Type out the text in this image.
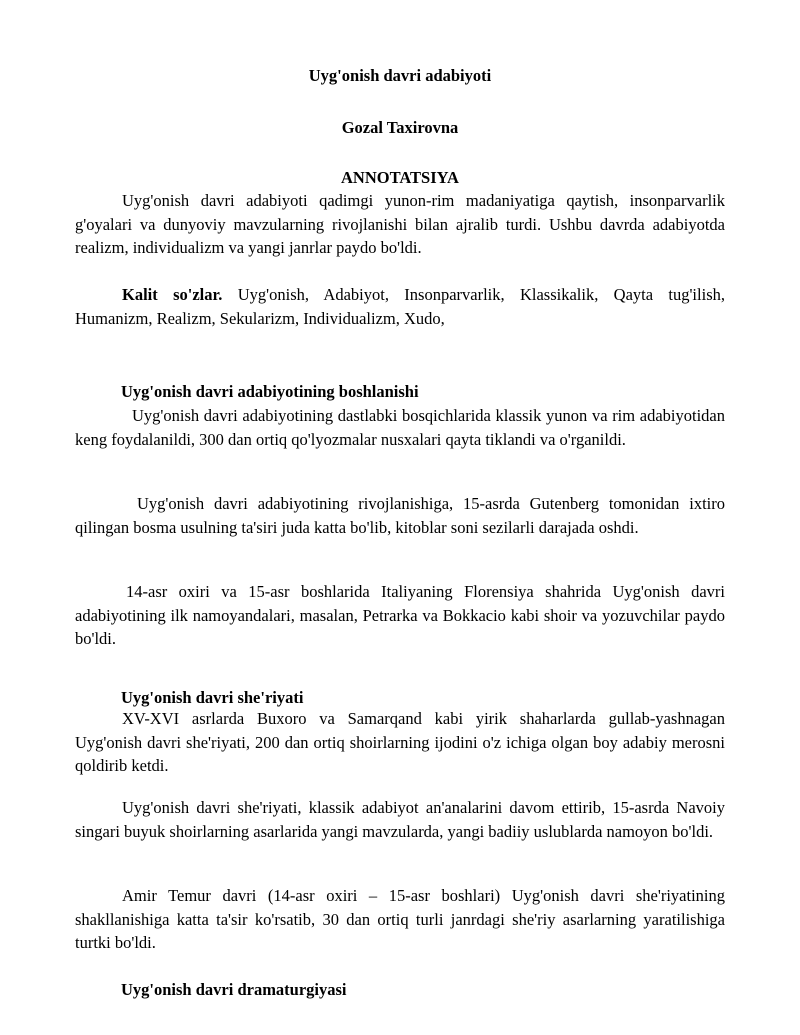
Uyg'onish davri adabiyoti
Gozal Taxirovna
ANNOTATSIYA

Uyg'onish davri adabiyoti qadimgi yunon-rim madaniyatiga qaytish, insonparvarlik g'oyalari va dunyoviy mavzularning rivojlanishi bilan ajralib turdi. Ushbu davrda adabiyotda realizm, individualizm va yangi janrlar paydo bo'ldi.

Kalit so'zlar. Uyg'onish, Adabiyot, Insonparvarlik, Klassikalik, Qayta tug'ilish, Humanizm, Realizm, Sekularizm, Individualizm, Xudo,

Uyg'onish davri adabiyotining boshlanishi

Uyg'onish davri adabiyotining dastlabki bosqichlarida klassik yunon va rim adabiyotidan keng foydalanildi, 300 dan ortiq qo'lyozmalar nusxalari qayta tiklandi va o'rganildi.

Uyg'onish davri adabiyotining rivojlanishiga, 15-asrda Gutenberg tomonidan ixtiro qilingan bosma usulning ta'siri juda katta bo'lib, kitoblar soni sezilarli darajada oshdi.

14-asr oxiri va 15-asr boshlarida Italiyaning Florensiya shahrida Uyg'onish davri adabiyotining ilk namoyandalari, masalan, Petrarka va Bokkacio kabi shoir va yozuvchilar paydo bo'ldi.

Uyg'onish davri she'riyati

XV-XVI asrlarda Buxoro va Samarqand kabi yirik shaharlarda gullab-yashnagan Uyg'onish davri she'riyati, 200 dan ortiq shoirlarning ijodini o'z ichiga olgan boy adabiy merosni qoldirib ketdi.

Uyg'onish davri she'riyati, klassik adabiyot an'analarini davom ettirib, 15-asrda Navoiy singari buyuk shoirlarning asarlarida yangi mavzularda, yangi badiiy uslublarda namoyon bo'ldi.

Amir Temur davri (14-asr oxiri – 15-asr boshlari) Uyg'onish davri she'riyatining shakllanishiga katta ta'sir ko'rsatib, 30 dan ortiq turli janrdagi she'riy asarlarning yaratilishiga turtki bo'ldi.

Uyg'onish davri dramaturgiyasi
